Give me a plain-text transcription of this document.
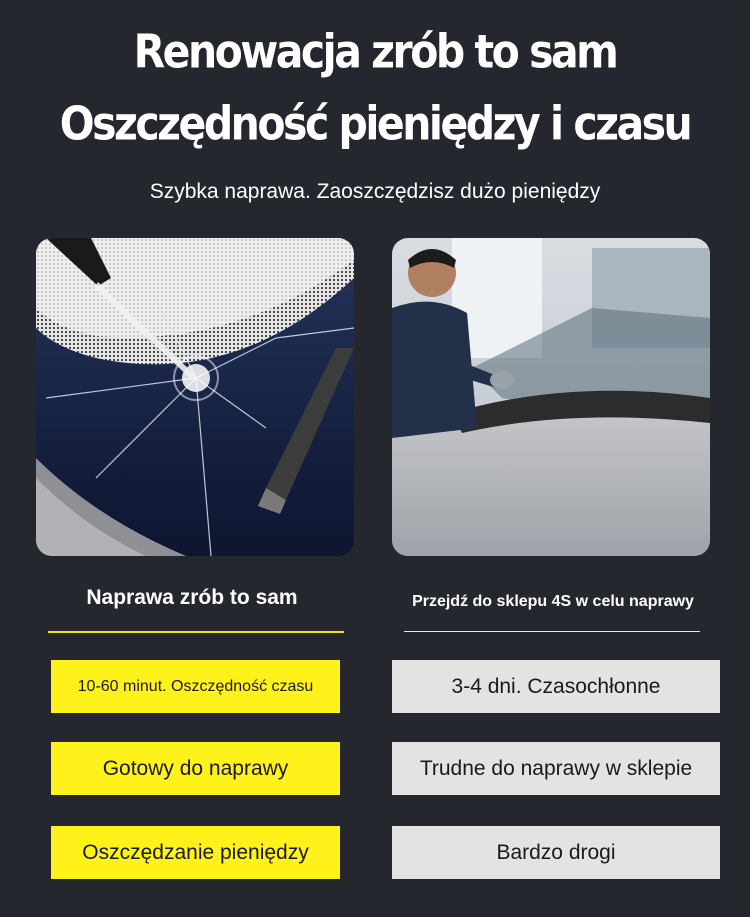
Renowacja zrób to sam
Oszczędność pieniędzy i czasu
Szybka naprawa. Zaoszczędzisz dużo pieniędzy
Naprawa zrób to sam	Przejdź do sklepu 4S w celu naprawy
10-60 minut. Oszczędność czasu
Gotowy do naprawy
Oszczędzanie pieniędzy
3-4 dni. Czasochłonne
Trudne do naprawy w sklepie
Bardzo drogi
